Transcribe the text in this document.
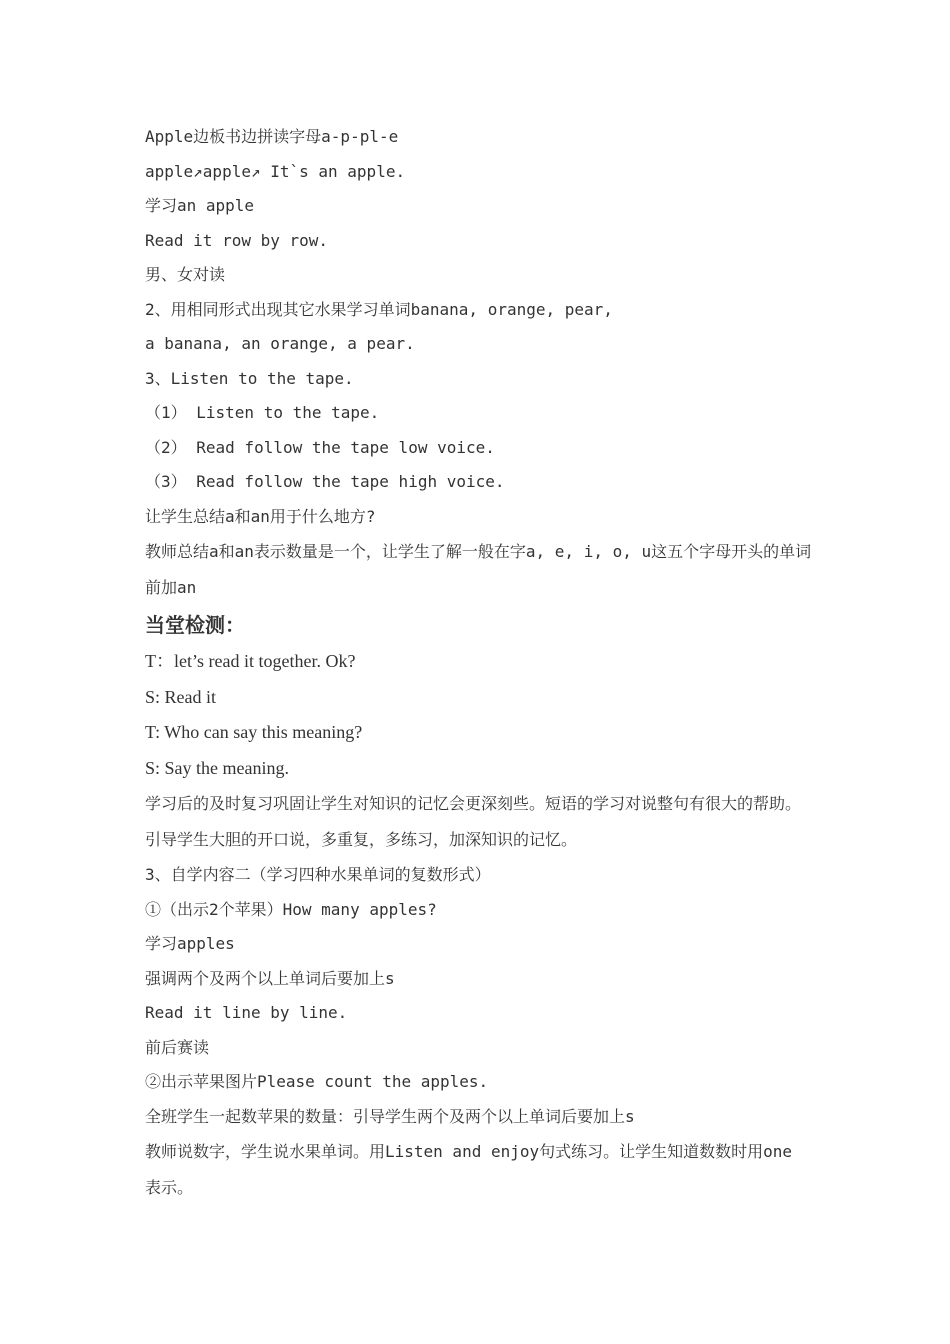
Apple边板书边拼读字母a-p-pl-e
apple↗apple↗ It`s an apple.
学习an apple
Read it row by row.
男、女对读
2、用相同形式出现其它水果学习单词banana, orange, pear,
a banana, an orange, a pear.
3、Listen to the tape.
（1） Listen to the tape.
（2） Read follow the tape low voice.
（3） Read follow the tape high voice.
让学生总结a和an用于什么地方?
教师总结a和an表示数量是一个，让学生了解一般在字a, e, i, o, u这五个字母开头的单词前加an
当堂检测：
T：let’s read it together. Ok?
S: Read it
T: Who can say this meaning?
S: Say the meaning.
学习后的及时复习巩固让学生对知识的记忆会更深刻些。短语的学习对说整句有很大的帮助。引导学生大胆的开口说，多重复，多练习，加深知识的记忆。
3、自学内容二（学习四种水果单词的复数形式）
①（出示2个苹果）How many apples?
学习apples
强调两个及两个以上单词后要加上s
Read it line by line.
前后赛读
②出示苹果图片Please count the apples.
全班学生一起数苹果的数量：引导学生两个及两个以上单词后要加上s
教师说数字，学生说水果单词。用Listen and enjoy句式练习。让学生知道数数时用one 表示。
